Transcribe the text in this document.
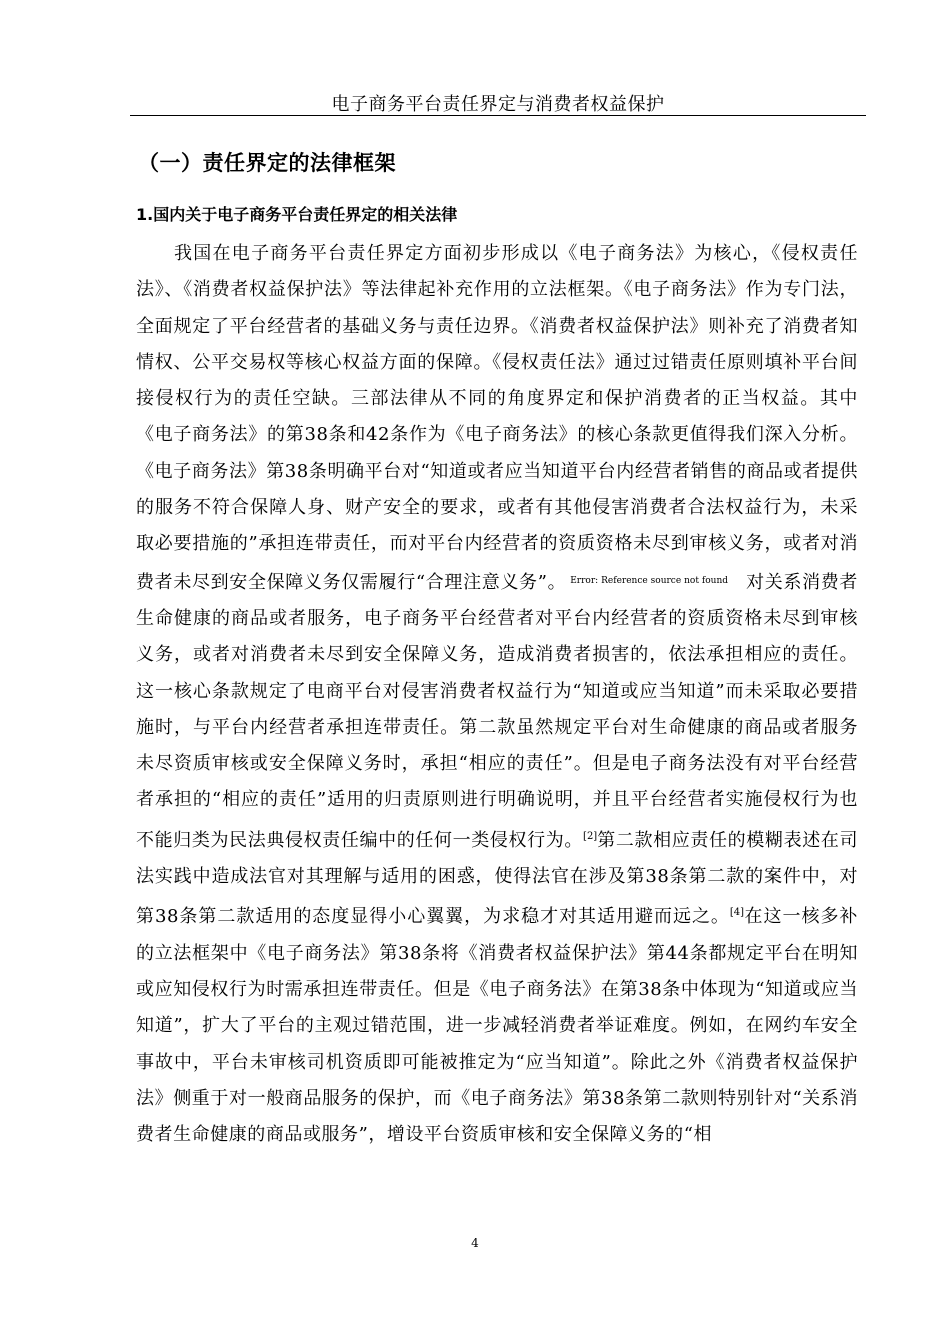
电子商务平台责任界定与消费者权益保护
（一）责任界定的法律框架
1.国内关于电子商务平台责任界定的相关法律

我国在电子商务平台责任界定方面初步形成以《电子商务法》为核心，《侵权责任法》、《消费者权益保护法》等法律起补充作用的立法框架。《电子商务法》作为专门法，全面规定了平台经营者的基础义务与责任边界。《消费者权益保护法》则补充了消费者知情权、公平交易权等核心权益方面的保障。《侵权责任法》通过过错责任原则填补平台间接侵权行为的责任空缺。三部法律从不同的角度界定和保护消费者的正当权益。其中《电子商务法》的第38条和42条作为《电子商务法》的核心条款更值得我们深入分析。《电子商务法》第38条明确平台对“知道或者应当知道平台内经营者销售的商品或者提供的服务不符合保障人身、财产安全的要求，或者有其他侵害消费者合法权益行为，未采取必要措施的”承担连带责任，而对平台内经营者的资质资格未尽到审核义务，或者对消费者未尽到安全保障义务仅需履行“合理注意义务”。 $^{Error: Reference source not found}$ 对关系消费者生命健康的商品或者服务，电子商务平台经营者对平台内经营者的资质资格未尽到审核义务，或者对消费者未尽到安全保障义务，造成消费者损害的，依法承担相应的责任。这一核心条款规定了电商平台对侵害消费者权益行为“知道或应当知道”而未采取必要措施时，与平台内经营者承担连带责任。第二款虽然规定平台对生命健康的商品或者服务未尽资质审核或安全保障义务时，承担“相应的责任”。但是电子商务法没有对平台经营者承担的“相应的责任”适用的归责原则进行明确说明，并且平台经营者实施侵权行为也不能归类为民法典侵权责任编中的任何一类侵权行为。[2]第二款相应责任的模糊表述在司法实践中造成法官对其理解与适用的困惑，使得法官在涉及第38条第二款的案件中，对第38条第二款适用的态度显得小心翼翼，为求稳才对其适用避而远之。[4]在这一核多补的立法框架中《电子商务法》第38条将《消费者权益保护法》第44条都规定平台在明知或应知侵权行为时需承担连带责任。但是《电子商务法》在第38条中体现为“知道或应当知道”，扩大了平台的主观过错范围，进一步减轻消费者举证难度。例如，在网约车安全事故中，平台未审核司机资质即可能被推定为“应当知道”。除此之外《消费者权益保护法》侧重于对一般商品服务的保护，而《电子商务法》第38条第二款则特别针对“关系消费者生命健康的商品或服务”，增设平台资质审核和安全保障义务的“相

4
